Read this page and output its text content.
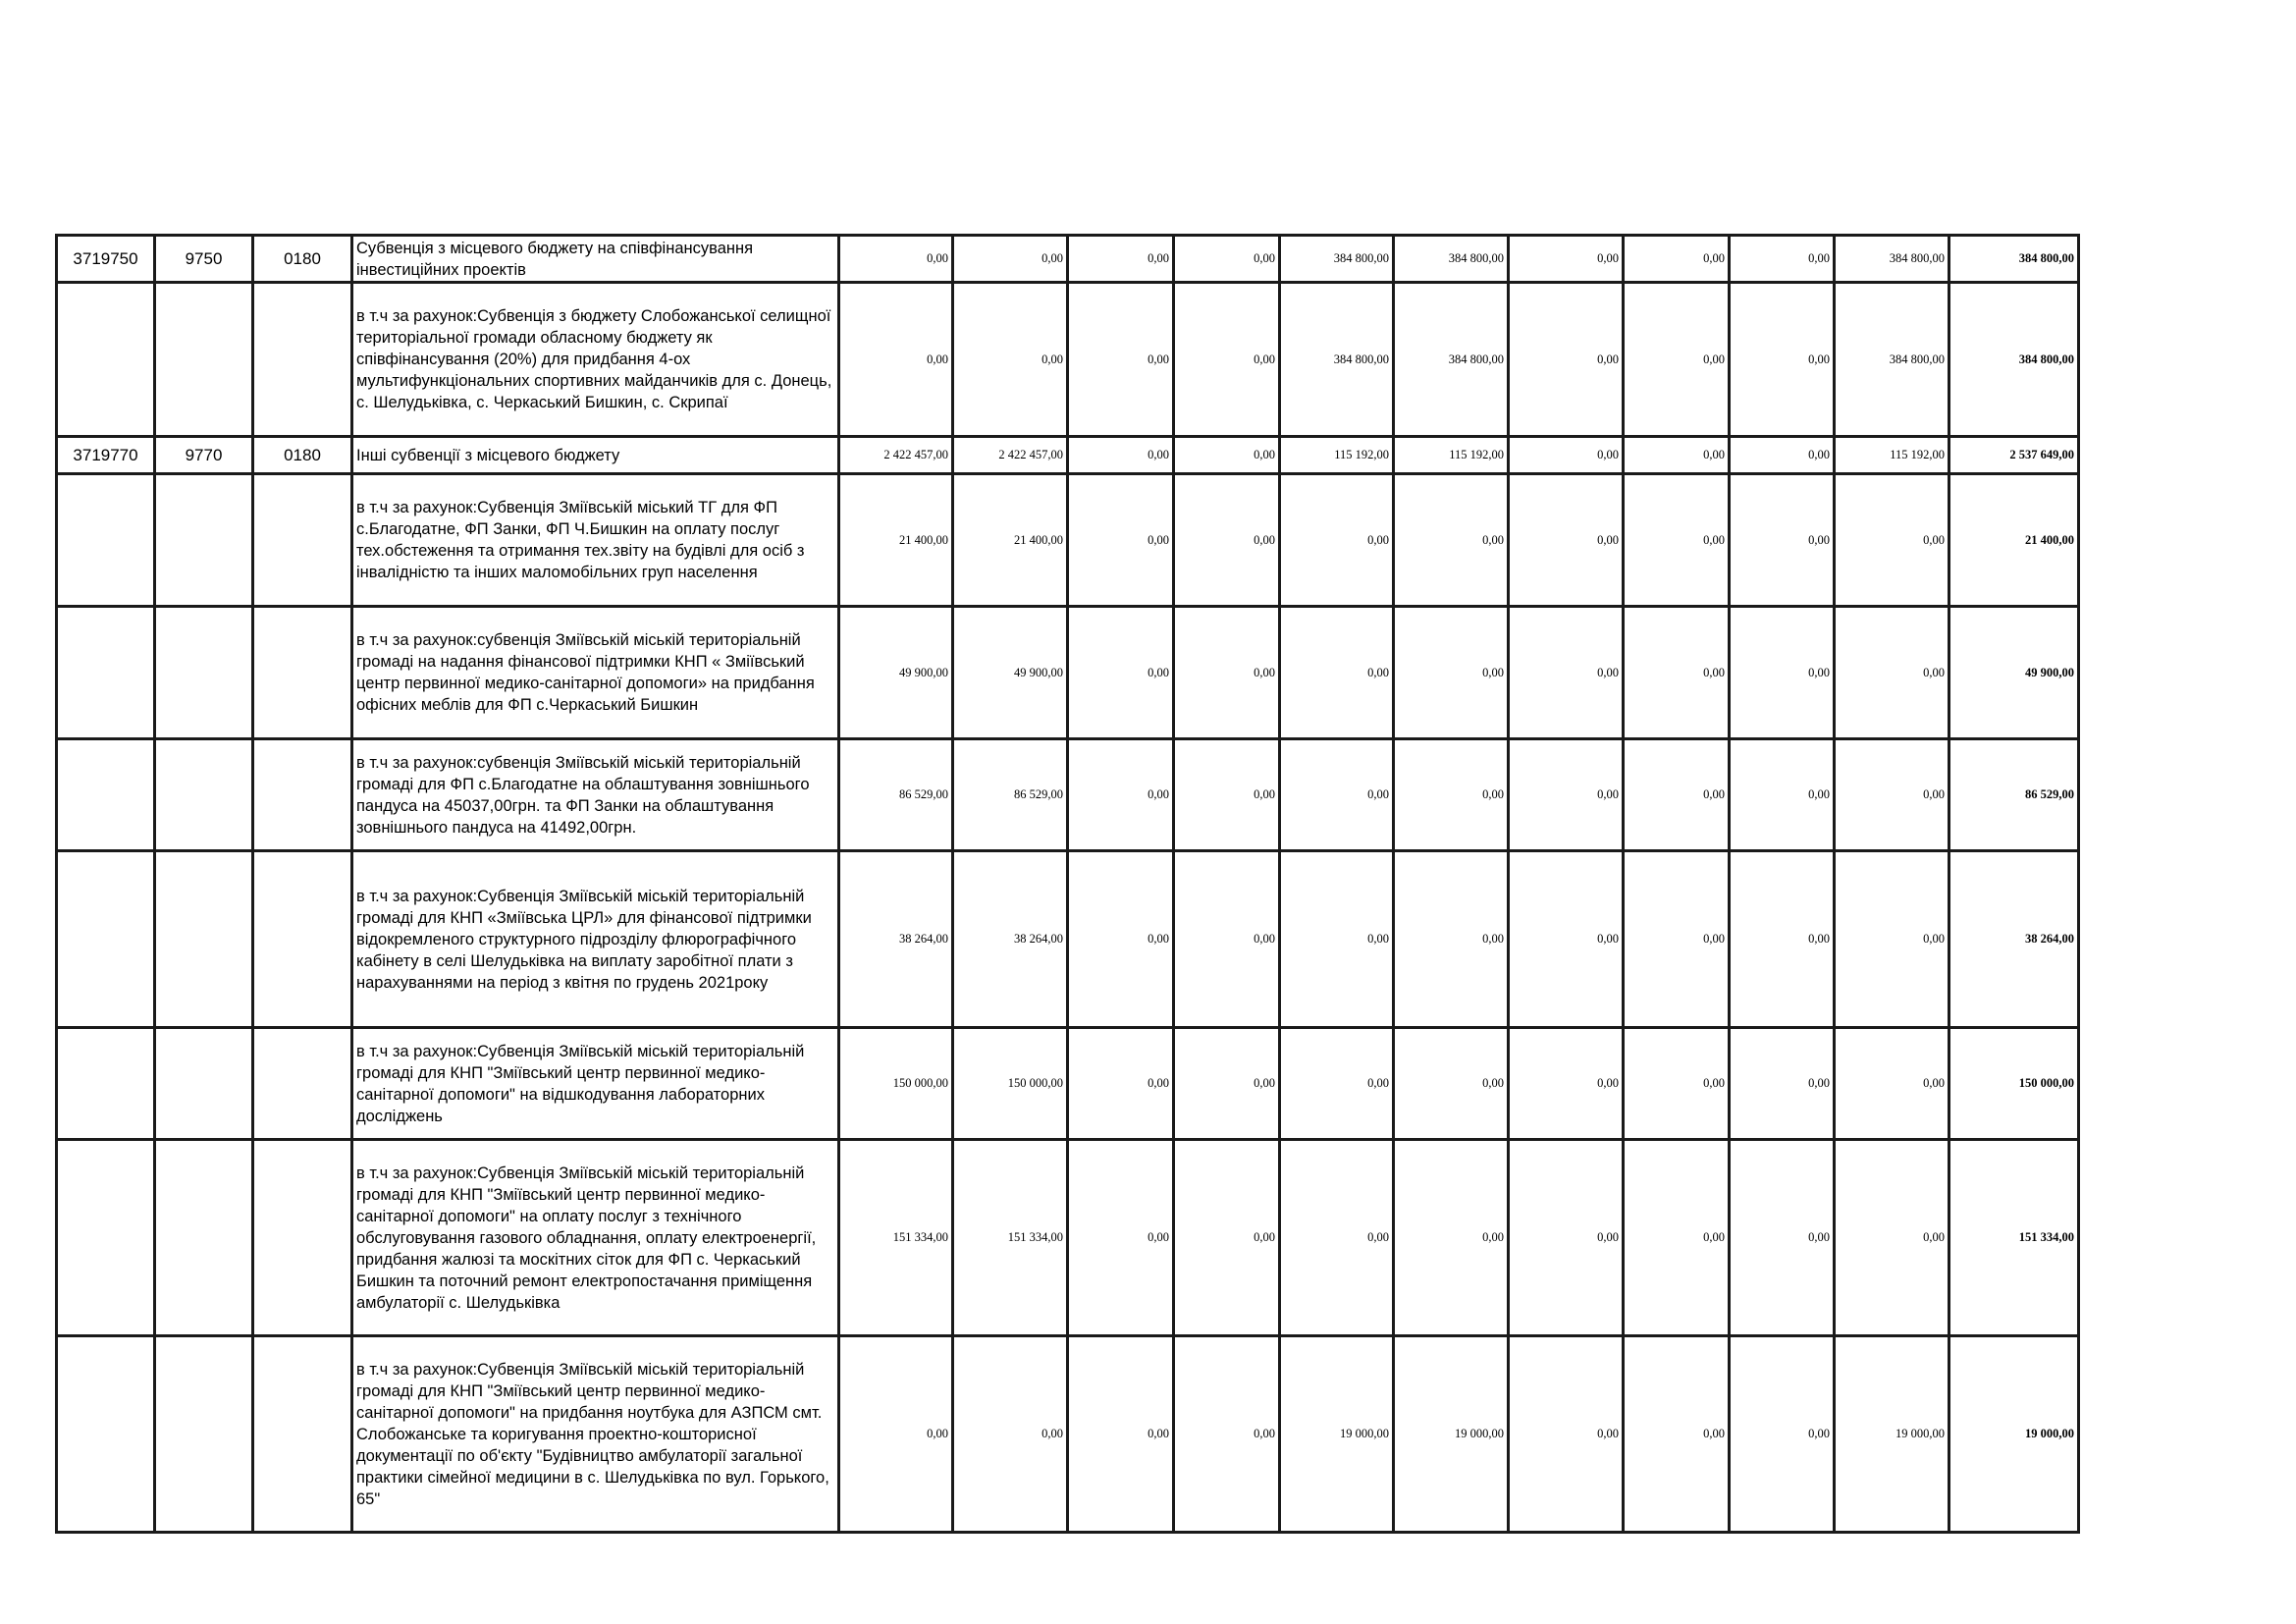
3719750	9750	0180	Субвенція з місцевого бюджету на співфінансування інвестиційних проектів	0,00	0,00	0,00	0,00	384 800,00	384 800,00	0,00	0,00	0,00	384 800,00	384 800,00
			в т.ч за рахунок:Субвенція з бюджету Слобожанської селищної територіальної громади обласному бюджету як співфінансування (20%) для придбання 4-ох мультифункціональних спортивних майданчиків для с. Донець, с. Шелудьківка, с. Черкаський Бишкин, с. Скрипаї	0,00	0,00	0,00	0,00	384 800,00	384 800,00	0,00	0,00	0,00	384 800,00	384 800,00
3719770	9770	0180	Інші субвенції з місцевого бюджету	2 422 457,00	2 422 457,00	0,00	0,00	115 192,00	115 192,00	0,00	0,00	0,00	115 192,00	2 537 649,00
			в т.ч за рахунок:Субвенція Зміївській міський ТГ для ФП с.Благодатне, ФП Занки, ФП Ч.Бишкин на оплату послуг тех.обстеження та отримання тех.звіту на будівлі для осіб з інвалідністю та інших маломобільних груп населення	21 400,00	21 400,00	0,00	0,00	0,00	0,00	0,00	0,00	0,00	0,00	21 400,00
			в т.ч за рахунок:субвенція Зміївській міській територіальній громаді на надання фінансової підтримки КНП « Зміївський центр первинної медико-санітарної допомоги» на придбання офісних меблів для ФП с.Черкаський Бишкин	49 900,00	49 900,00	0,00	0,00	0,00	0,00	0,00	0,00	0,00	0,00	49 900,00
			в т.ч за рахунок:субвенція Зміївській міській територіальній громаді для ФП с.Благодатне на облаштування зовнішнього пандуса на 45037,00грн. та ФП Занки на облаштування зовнішнього пандуса на 41492,00грн.	86 529,00	86 529,00	0,00	0,00	0,00	0,00	0,00	0,00	0,00	0,00	86 529,00
			в т.ч за рахунок:Субвенція Зміївській міській територіальній громаді для КНП «Зміївська ЦРЛ» для фінансової підтримки відокремленого структурного підрозділу флюрографічного кабінету в селі Шелудьківка на виплату заробітної плати з нарахуваннями на період з квітня по грудень 2021року	38 264,00	38 264,00	0,00	0,00	0,00	0,00	0,00	0,00	0,00	0,00	38 264,00
			в т.ч за рахунок:Субвенція Зміївській міській територіальній громаді для КНП "Зміївський центр первинної медико-санітарної допомоги" на відшкодування лабораторних досліджень	150 000,00	150 000,00	0,00	0,00	0,00	0,00	0,00	0,00	0,00	0,00	150 000,00
			в т.ч за рахунок:Субвенція Зміївській міській територіальній громаді для КНП "Зміївський центр первинної медико-санітарної допомоги" на оплату послуг з технічного обслуговування газового обладнання, оплату електроенергії, придбання жалюзі та москітних сіток для ФП с. Черкаський Бишкин та поточний ремонт електропостачання приміщення амбулаторії с. Шелудьківка	151 334,00	151 334,00	0,00	0,00	0,00	0,00	0,00	0,00	0,00	0,00	151 334,00
			в т.ч за рахунок:Субвенція Зміївській міській територіальній громаді для КНП "Зміївський центр первинної медико-санітарної допомоги" на придбання ноутбука для АЗПСМ смт. Слобожанське та коригування проектно-кошторисної документації по об'єкту "Будівництво амбулаторії загальної практики сімейної медицини в с. Шелудьківка по вул. Горького, 65"	0,00	0,00	0,00	0,00	19 000,00	19 000,00	0,00	0,00	0,00	19 000,00	19 000,00
